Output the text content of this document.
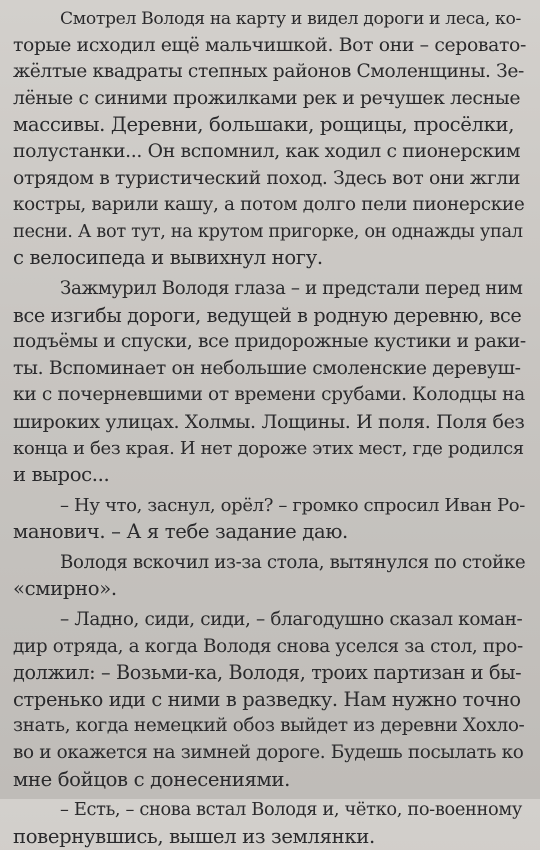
Смотрел Володя на карту и видел дороги и леса, ко-
торые исходил ещё мальчишкой. Вот они – серовато-
жёлтые квадраты степных районов Смоленщины. Зе-
лёные с синими прожилками рек и речушек лесные
массивы. Деревни, большаки, рощицы, просёлки,
полустанки... Он вспомнил, как ходил с пионерским
отрядом в туристический поход. Здесь вот они жгли
костры, варили кашу, а потом долго пели пионерские
песни. А вот тут, на крутом пригорке, он однажды упал
с велосипеда и вывихнул ногу.
Зажмурил Володя глаза – и предстали перед ним
все изгибы дороги, ведущей в родную деревню, все
подъёмы и спуски, все придорожные кустики и раки-
ты. Вспоминает он небольшие смоленские деревуш-
ки с почерневшими от времени срубами. Колодцы на
широких улицах. Холмы. Лощины. И поля. Поля без
конца и без края. И нет дороже этих мест, где родился
и вырос...
– Ну что, заснул, орёл? – громко спросил Иван Ро-
манович. – А я тебе задание даю.
Володя вскочил из-за стола, вытянулся по стойке
«смирно».
– Ладно, сиди, сиди, – благодушно сказал коман-
дир отряда, а когда Володя снова уселся за стол, про-
должил: – Возьми-ка, Володя, троих партизан и бы-
стренько иди с ними в разведку. Нам нужно точно
знать, когда немецкий обоз выйдет из деревни Хохло-
во и окажется на зимней дороге. Будешь посылать ко
мне бойцов с донесениями.
– Есть, – снова встал Володя и, чётко, по-военному
повернувшись, вышел из землянки.
